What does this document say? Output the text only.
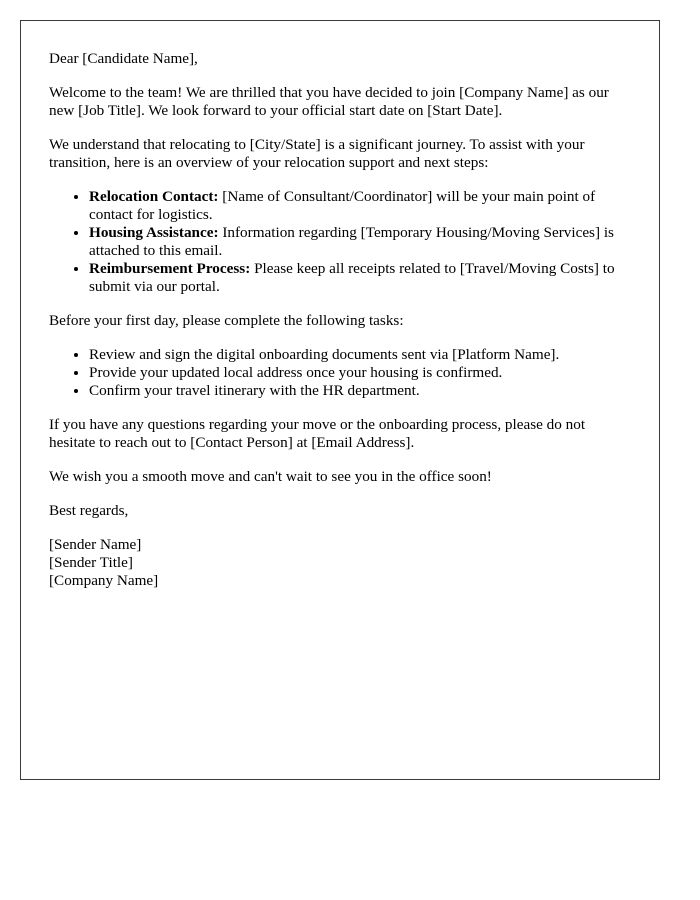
Dear [Candidate Name],

Welcome to the team! We are thrilled that you have decided to join [Company Name] as our new [Job Title]. We look forward to your official start date on [Start Date].

We understand that relocating to [City/State] is a significant journey. To assist with your transition, here is an overview of your relocation support and next steps:

• Relocation Contact: [Name of Consultant/Coordinator] will be your main point of contact for logistics.
• Housing Assistance: Information regarding [Temporary Housing/Moving Services] is attached to this email.
• Reimbursement Process: Please keep all receipts related to [Travel/Moving Costs] to submit via our portal.

Before your first day, please complete the following tasks:

• Review and sign the digital onboarding documents sent via [Platform Name].
• Provide your updated local address once your housing is confirmed.
• Confirm your travel itinerary with the HR department.

If you have any questions regarding your move or the onboarding process, please do not hesitate to reach out to [Contact Person] at [Email Address].

We wish you a smooth move and can't wait to see you in the office soon!

Best regards,

[Sender Name]
[Sender Title]
[Company Name]
